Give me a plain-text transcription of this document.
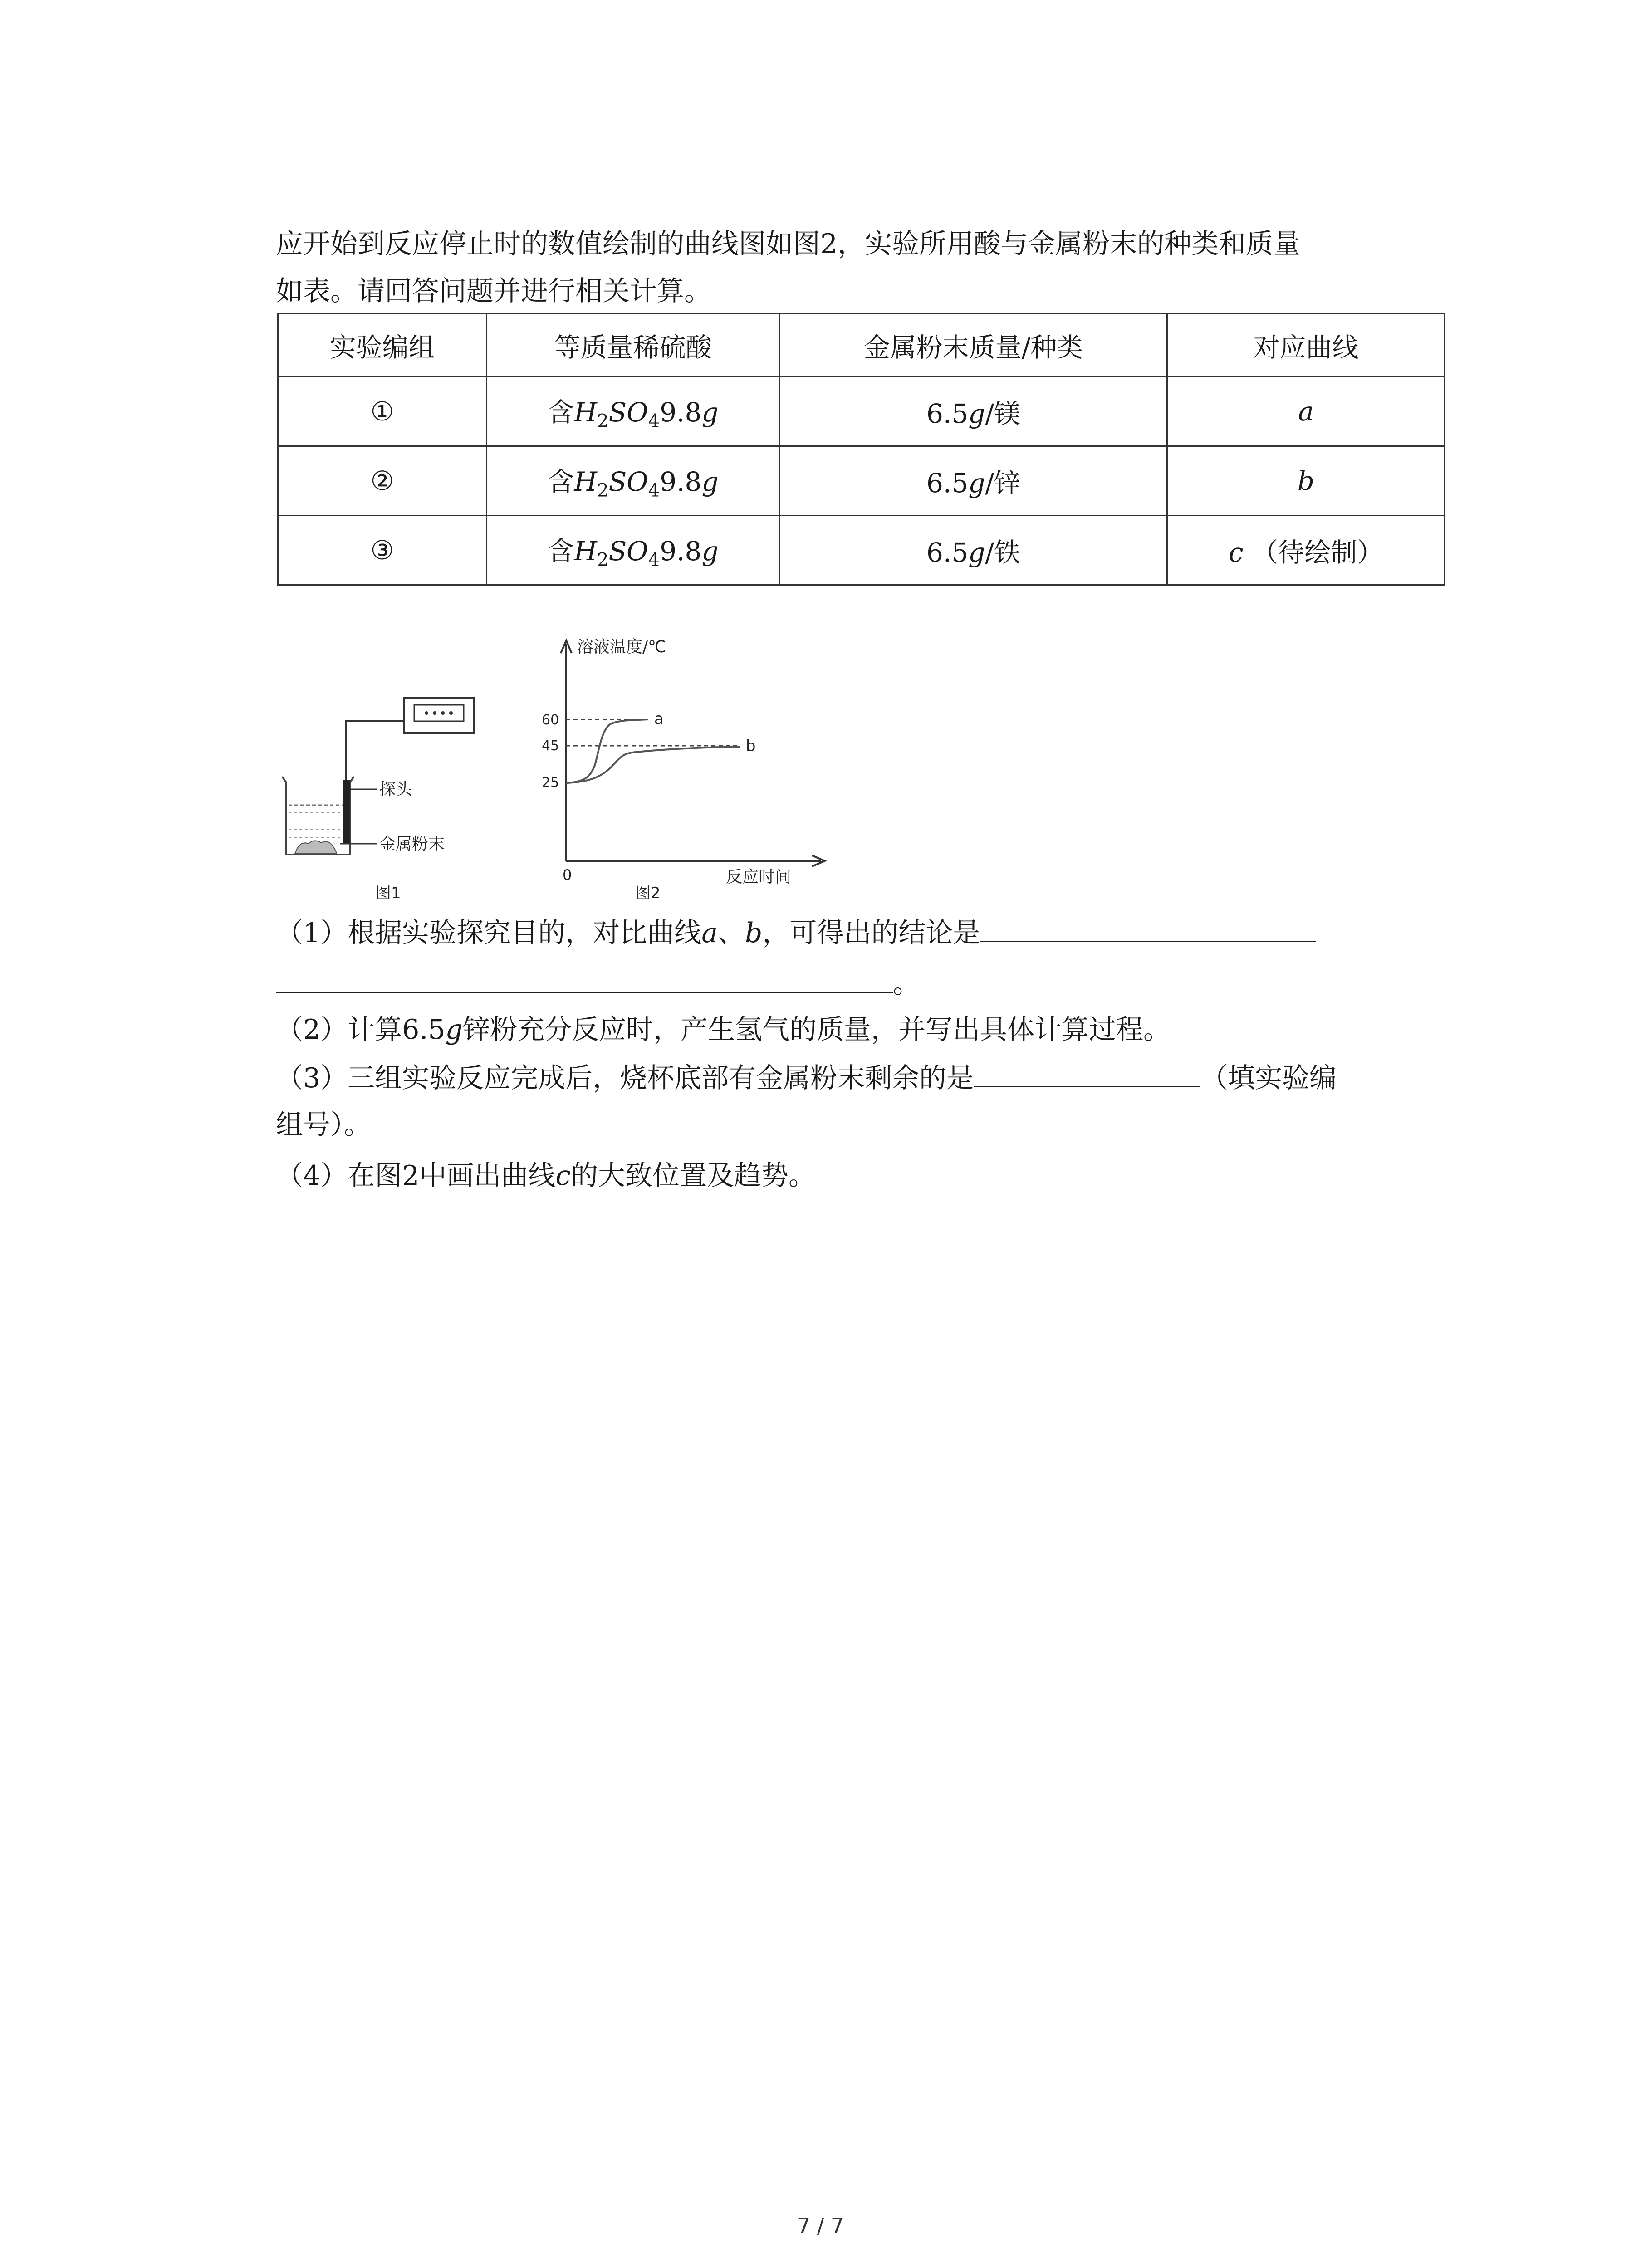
应开始到反应停止时的数值绘制的曲线图如图2，实验所用酸与金属粉末的种类和质量
如表。请回答问题并进行相关计算。
实验编组	等质量稀硫酸	金属粉末质量/种类	对应曲线
①	含$H_2SO_49.8g$	6.5g/镁	a
②	含$H_2SO_49.8g$	6.5g/锌	b
③	含$H_2SO_49.8g$	6.5g/铁	c （待绘制）
探头
金属粉末
图1
溶液温度/℃
反应时间
0
60
45
25
a
b
图2
（1）根据实验探究目的，对比曲线a、b，可得出的结论是
。
（2）计算6.5g锌粉充分反应时，产生氢气的质量，并写出具体计算过程。
（3）三组实验反应完成后，烧杯底部有金属粉末剩余的是	（填实验编
组号）。
（4）在图2中画出曲线c的大致位置及趋势。
7 / 7
